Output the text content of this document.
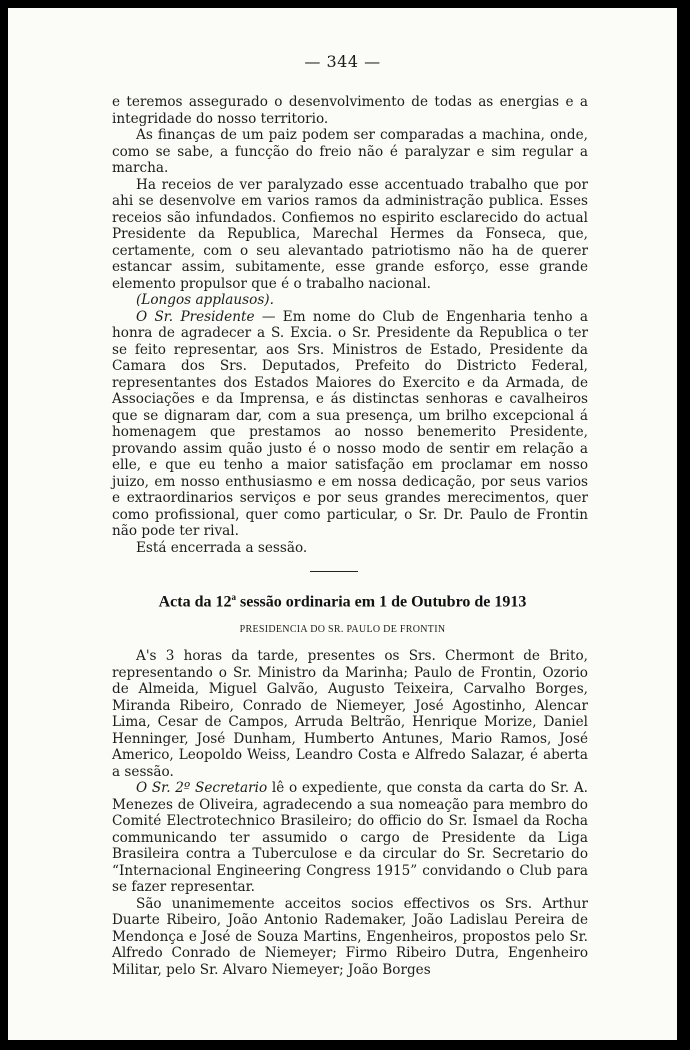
— 344 —

e teremos assegurado o desenvolvimento de todas as energias e a integridade do nosso territorio.

As finanças de um paiz podem ser comparadas a machina, onde, como se sabe, a funcção do freio não é paralyzar e sim regular a marcha.

Ha receios de ver paralyzado esse accentuado trabalho que por ahi se desenvolve em varios ramos da administração publica. Esses receios são infundados. Confiemos no espirito esclarecido do actual Presidente da Republica, Marechal Hermes da Fonseca, que, certamente, com o seu alevantado patriotismo não ha de querer estancar assim, subitamente, esse grande esforço, esse grande elemento propulsor que é o trabalho nacional.

(Longos applausos).

O Sr. Presidente — Em nome do Club de Engenharia tenho a honra de agradecer a S. Excia. o Sr. Presidente da Republica o ter se feito representar, aos Srs. Ministros de Estado, Presidente da Camara dos Srs. Deputados, Prefeito do Districto Federal, representantes dos Estados Maiores do Exercito e da Armada, de Associações e da Imprensa, e ás distinctas senhoras e cavalheiros que se dignaram dar, com a sua presença, um brilho excepcional á homenagem que prestamos ao nosso benemerito Presidente, provando assim quão justo é o nosso modo de sentir em relação a elle, e que eu tenho a maior satisfação em proclamar em nosso juizo, em nosso enthusiasmo e em nossa dedicação, por seus varios e extraordinarios serviços e por seus grandes merecimentos, quer como profissional, quer como particular, o Sr. Dr. Paulo de Frontin não pode ter rival.

Está encerrada a sessão.

Acta da 12$^a$ sessão ordinaria em 1 de Outubro de 1913
PRESIDENCIA DO SR. PAULO DE FRONTIN

A's 3 horas da tarde, presentes os Srs. Chermont de Brito, representando o Sr. Ministro da Marinha; Paulo de Frontin, Ozorio de Almeida, Miguel Galvão, Augusto Teixeira, Carvalho Borges, Miranda Ribeiro, Conrado de Niemeyer, José Agostinho, Alencar Lima, Cesar de Campos, Arruda Beltrão, Henrique Morize, Daniel Henninger, José Dunham, Humberto Antunes, Mario Ramos, José Americo, Leopoldo Weiss, Leandro Costa e Alfredo Salazar, é aberta a sessão.

O Sr. 2º Secretario lê o expediente, que consta da carta do Sr. A. Menezes de Oliveira, agradecendo a sua nomeação para membro do Comité Electrotechnico Brasileiro; do officio do Sr. Ismael da Rocha communicando ter assumido o cargo de Presidente da Liga Brasileira contra a Tuberculose e da circular do Sr. Secretario do “Internacional Engineering Congress 1915” convidando o Club para se fazer representar.

São unanimemente acceitos socios effectivos os Srs. Arthur Duarte Ribeiro, João Antonio Rademaker, João Ladislau Pereira de Mendonça e José de Souza Martins, Engenheiros, propostos pelo Sr. Alfredo Conrado de Niemeyer; Firmo Ribeiro Dutra, Engenheiro Militar, pelo Sr. Alvaro Niemeyer; João Borges
